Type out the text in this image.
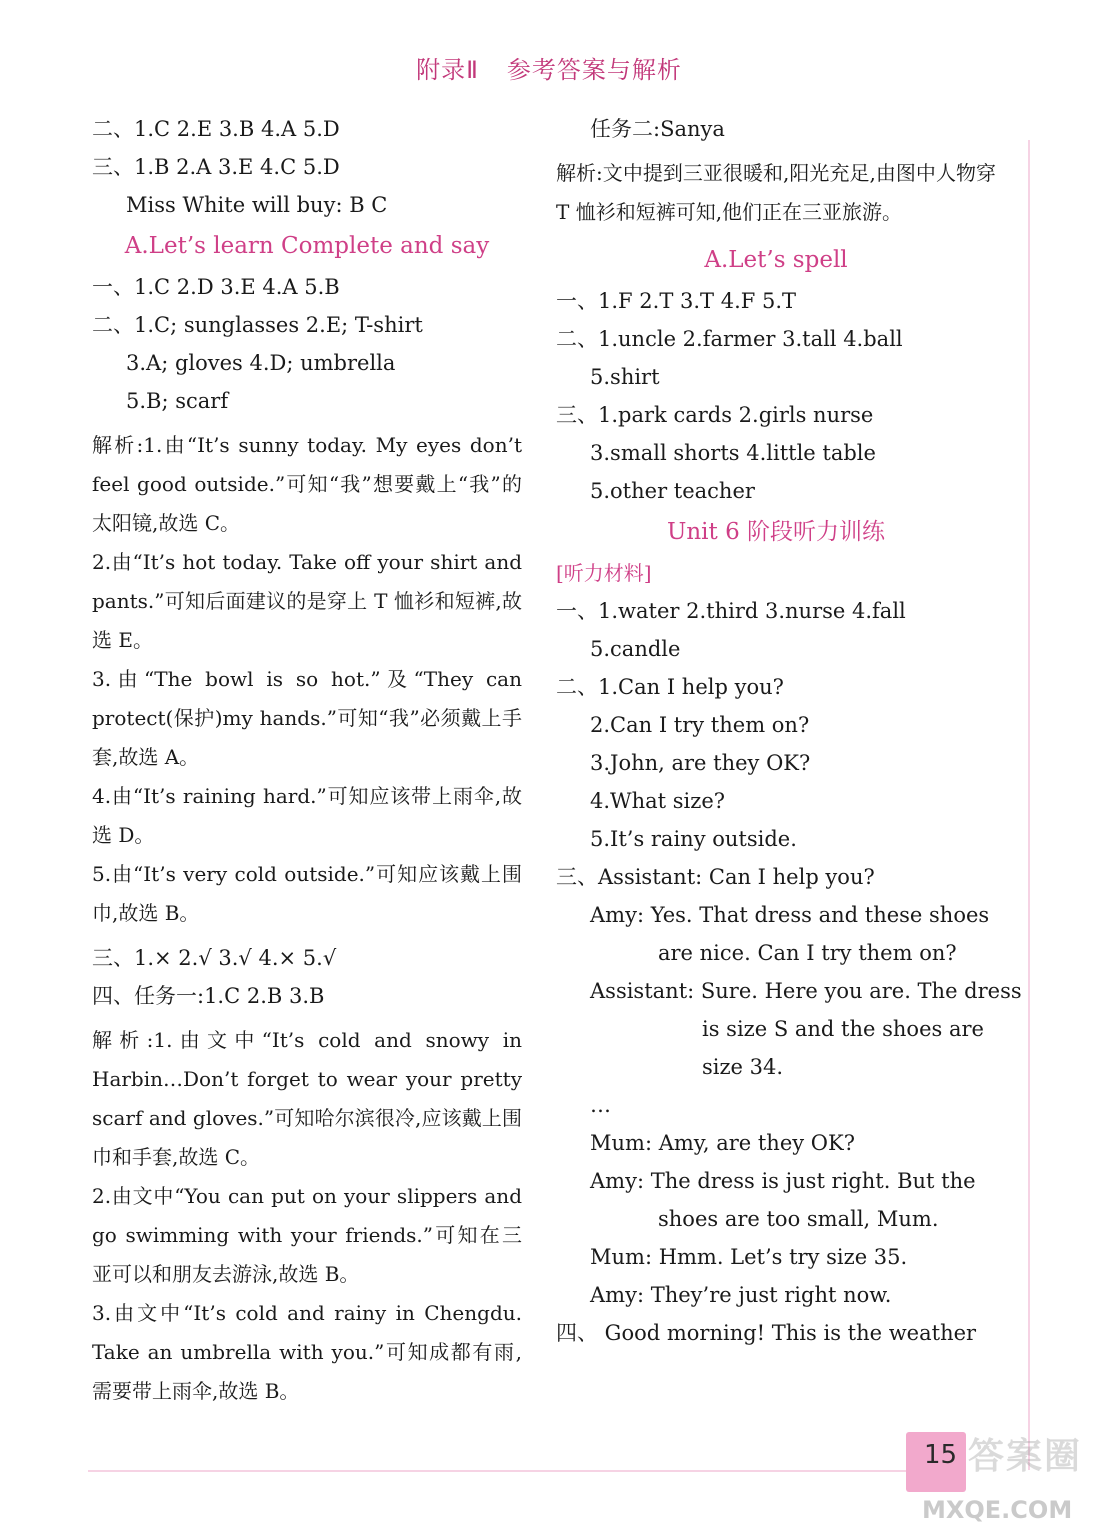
附录Ⅱ 参考答案与解析
二、1.C 2.E 3.B 4.A 5.D
三、1.B 2.A 3.E 4.C 5.D
Miss White will buy: B C
A.Let’s learn Complete and say
一、1.C 2.D 3.E 4.A 5.B
二、1.C; sunglasses 2.E; T-shirt
3.A; gloves 4.D; umbrella
5.B; scarf
解析:1.由“It’s sunny today. My eyes don’t feel good outside.”可知“我”想要戴上“我”的太阳镜,故选 C。
2.由“It’s hot today. Take off your shirt and pants.”可知后面建议的是穿上 T 恤衫和短裤,故选 E。
3.由“The bowl is so hot.”及“They can protect(保护)my hands.”可知“我”必须戴上手套,故选 A。
4.由“It’s raining hard.”可知应该带上雨伞,故选 D。
5.由“It’s very cold outside.”可知应该戴上围巾,故选 B。
三、1.× 2.√ 3.√ 4.× 5.√
四、任务一:1.C 2.B 3.B
解析:1.由文中“It’s cold and snowy in Harbin…Don’t forget to wear your pretty scarf and gloves.”可知哈尔滨很冷,应该戴上围巾和手套,故选 C。
2.由文中“You can put on your slippers and go swimming with your friends.”可知在三亚可以和朋友去游泳,故选 B。
3.由文中“It’s cold and rainy in Chengdu. Take an umbrella with you.”可知成都有雨,需要带上雨伞,故选 B。
任务二:Sanya
解析:文中提到三亚很暖和,阳光充足,由图中人物穿 T 恤衫和短裤可知,他们正在三亚旅游。
A.Let’s spell
一、1.F 2.T 3.T 4.F 5.T
二、1.uncle 2.farmer 3.tall 4.ball
5.shirt
三、1.park cards 2.girls nurse
3.small shorts 4.little table
5.other teacher
Unit 6 阶段听力训练
[听力材料]
一、1.water 2.third 3.nurse 4.fall
5.candle
二、1.Can I help you?
2.Can I try them on?
3.John, are they OK?
4.What size?
5.It’s rainy outside.
三、Assistant: Can I help you?
Amy: Yes. That dress and these shoes
are nice. Can I try them on?
Assistant: Sure. Here you are. The dress
is size S and the shoes are
size 34.
…
Mum: Amy, are they OK?
Amy: The dress is just right. But the
shoes are too small, Mum.
Mum: Hmm. Let’s try size 35.
Amy: They’re just right now.
四、 Good morning! This is the weather
15 答案圈
MXQE.COM
